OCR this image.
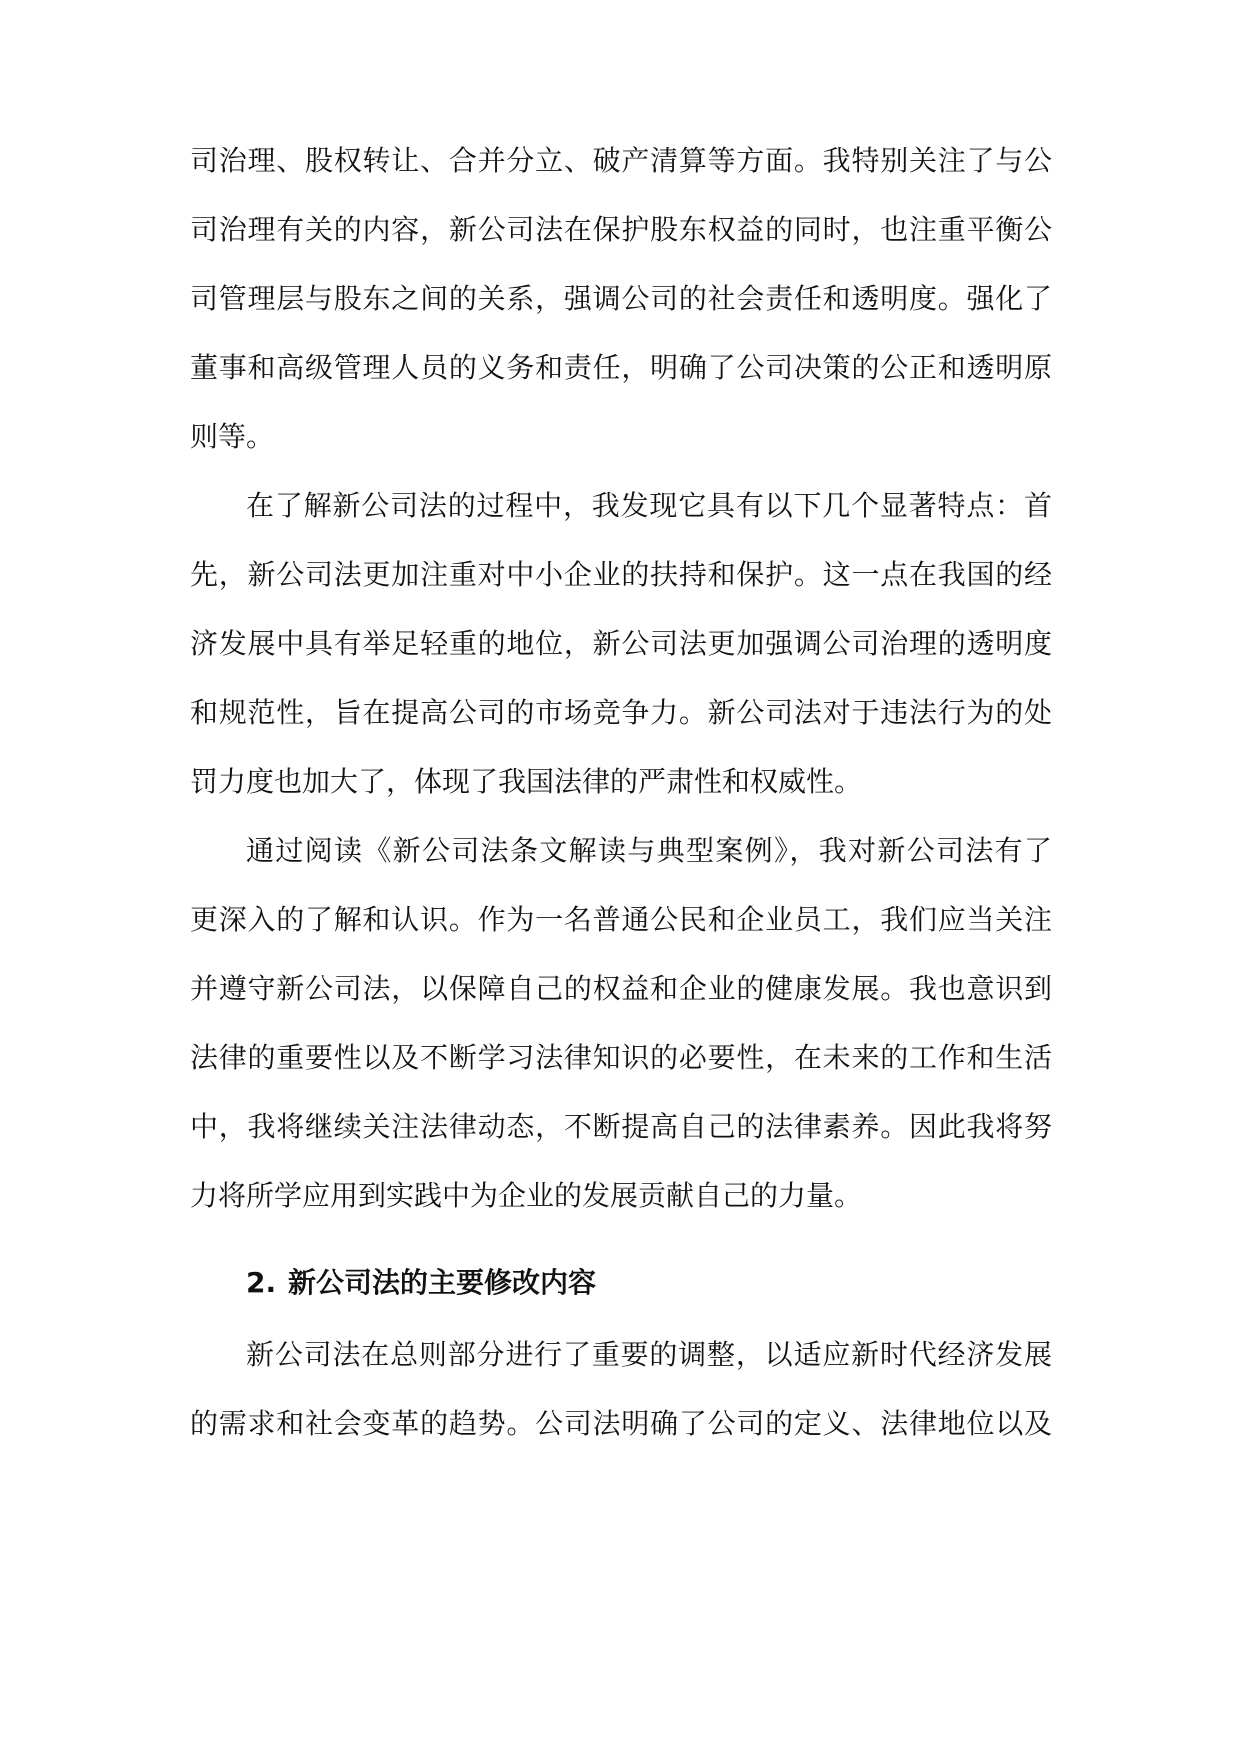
司治理、股权转让、合并分立、破产清算等方面。我特别关注了与公
司治理有关的内容，新公司法在保护股东权益的同时，也注重平衡公
司管理层与股东之间的关系，强调公司的社会责任和透明度。强化了
董事和高级管理人员的义务和责任，明确了公司决策的公正和透明原
则等。
在了解新公司法的过程中，我发现它具有以下几个显著特点：首
先，新公司法更加注重对中小企业的扶持和保护。这一点在我国的经
济发展中具有举足轻重的地位，新公司法更加强调公司治理的透明度
和规范性，旨在提高公司的市场竞争力。新公司法对于违法行为的处
罚力度也加大了，体现了我国法律的严肃性和权威性。
通过阅读《新公司法条文解读与典型案例》，我对新公司法有了
更深入的了解和认识。作为一名普通公民和企业员工，我们应当关注
并遵守新公司法，以保障自己的权益和企业的健康发展。我也意识到
法律的重要性以及不断学习法律知识的必要性，在未来的工作和生活
中，我将继续关注法律动态，不断提高自己的法律素养。因此我将努
力将所学应用到实践中为企业的发展贡献自己的力量。
2. 新公司法的主要修改内容
新公司法在总则部分进行了重要的调整，以适应新时代经济发展
的需求和社会变革的趋势。公司法明确了公司的定义、法律地位以及
